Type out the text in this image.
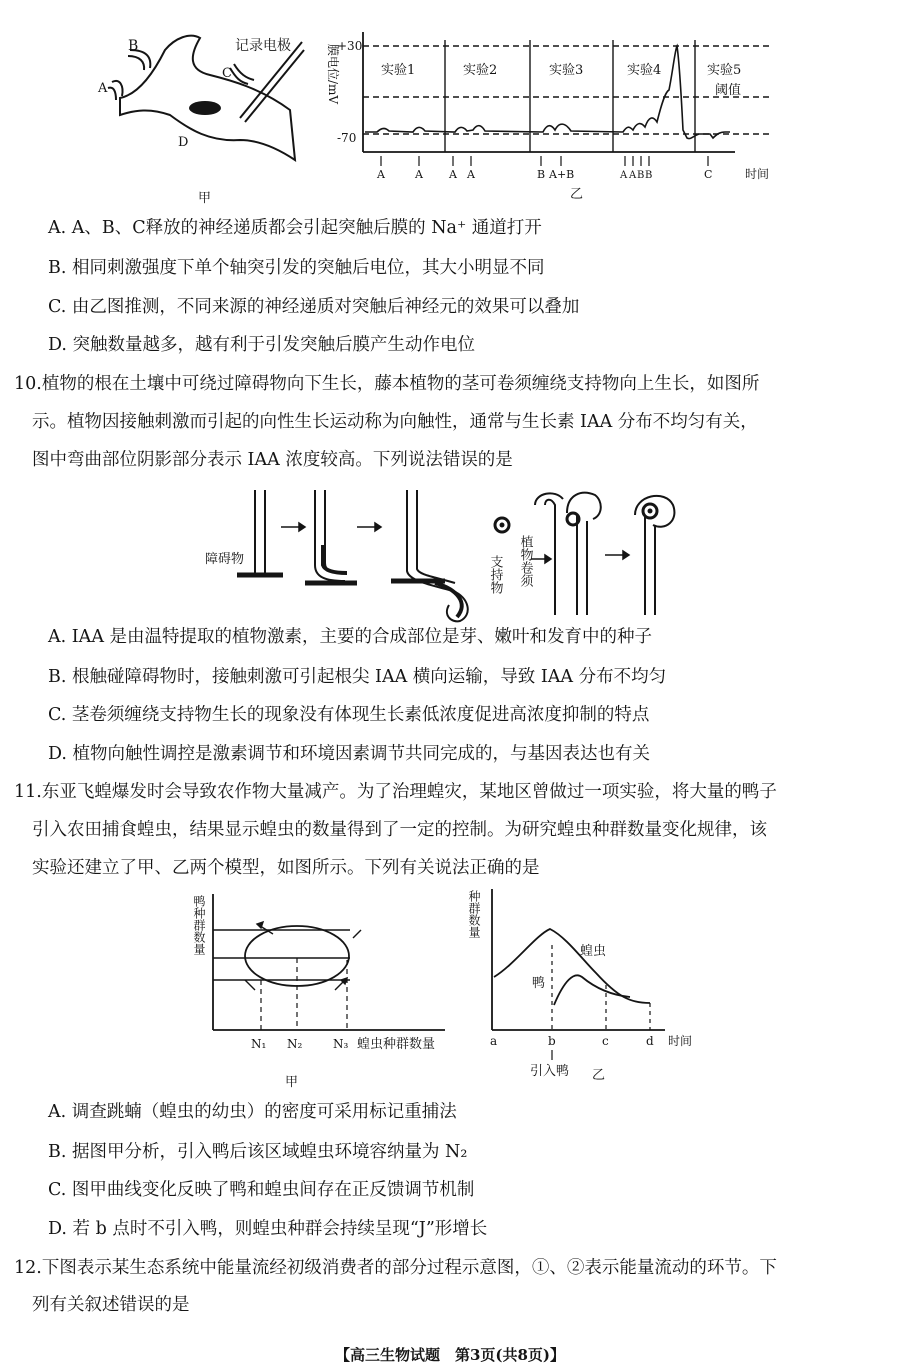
B
A
C
D
记录电极
甲
膜电位/mV
+30
-70
实验1	实验2	实验3	实验4	实验5
阈值
A	A A A	B A+B	A A B B	C	时间
乙
A. A、B、C释放的神经递质都会引起突触后膜的 Na⁺ 通道打开
B. 相同刺激强度下单个轴突引发的突触后电位，其大小明显不同
C. 由乙图推测，不同来源的神经递质对突触后神经元的效果可以叠加
D. 突触数量越多，越有利于引发突触后膜产生动作电位
10.植物的根在土壤中可绕过障碍物向下生长，藤本植物的茎可卷须缠绕支持物向上生长，如图所
示。植物因接触刺激而引起的向性生长运动称为向触性，通常与生长素 IAA 分布不均匀有关，
图中弯曲部位阴影部分表示 IAA 浓度较高。下列说法错误的是
障碍物	支持物 植物卷须
A. IAA 是由温特提取的植物激素，主要的合成部位是芽、嫩叶和发育中的种子
B. 根触碰障碍物时，接触刺激可引起根尖 IAA 横向运输，导致 IAA 分布不均匀
C. 茎卷须缠绕支持物生长的现象没有体现生长素低浓度促进高浓度抑制的特点
D. 植物向触性调控是激素调节和环境因素调节共同完成的，与基因表达也有关
11.东亚飞蝗爆发时会导致农作物大量减产。为了治理蝗灾，某地区曾做过一项实验，将大量的鸭子
引入农田捕食蝗虫，结果显示蝗虫的数量得到了一定的控制。为研究蝗虫种群数量变化规律，该
实验还建立了甲、乙两个模型，如图所示。下列有关说法正确的是
鸭种群数量
N₁ N₂	N₃ 蝗虫种群数量
甲
种群数量
蝗虫
鸭
a	b	c	d 时间
引入鸭 乙
A. 调查跳蝻（蝗虫的幼虫）的密度可采用标记重捕法
B. 据图甲分析，引入鸭后该区域蝗虫环境容纳量为 N₂
C. 图甲曲线变化反映了鸭和蝗虫间存在正反馈调节机制
D. 若 b 点时不引入鸭，则蝗虫种群会持续呈现“J”形增长
12.下图表示某生态系统中能量流经初级消费者的部分过程示意图，①、②表示能量流动的环节。下
列有关叙述错误的是
【高三生物试题　第3页(共8页)】
